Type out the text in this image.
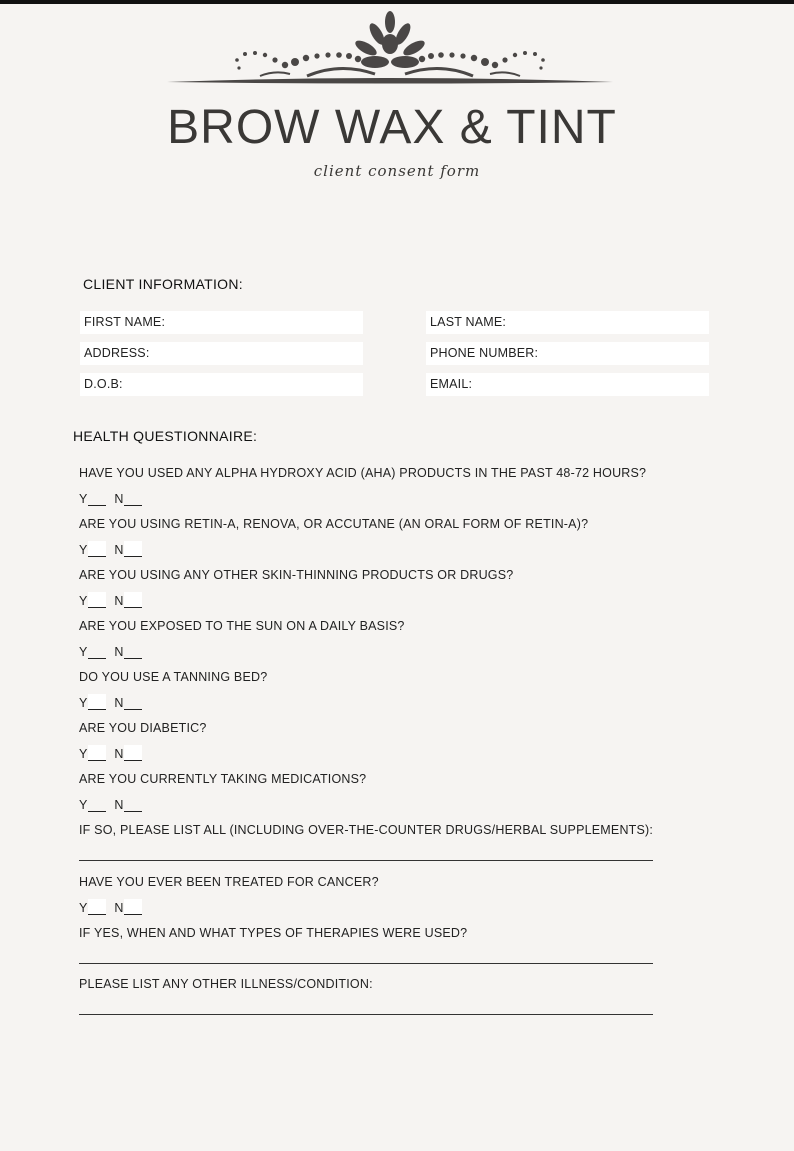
BROW WAX & TINT
client consent form
CLIENT INFORMATION:
FIRST NAME:	LAST NAME:
ADDRESS:	PHONE NUMBER:
D.O.B:	EMAIL:
HEALTH QUESTIONNAIRE:
HAVE YOU USED ANY ALPHA HYDROXY ACID (AHA) PRODUCTS IN THE PAST 48-72 HOURS?
Y N
ARE YOU USING RETIN-A, RENOVA, OR ACCUTANE (AN ORAL FORM OF RETIN-A)?
Y N
ARE YOU USING ANY OTHER SKIN-THINNING PRODUCTS OR DRUGS?
Y N
ARE YOU EXPOSED TO THE SUN ON A DAILY BASIS?
Y N
DO YOU USE A TANNING BED?
Y N
ARE YOU DIABETIC?
Y N
ARE YOU CURRENTLY TAKING MEDICATIONS?
Y N
IF SO, PLEASE LIST ALL (INCLUDING OVER-THE-COUNTER DRUGS/HERBAL SUPPLEMENTS):
HAVE YOU EVER BEEN TREATED FOR CANCER?
Y N
IF YES, WHEN AND WHAT TYPES OF THERAPIES WERE USED?
PLEASE LIST ANY OTHER ILLNESS/CONDITION:
